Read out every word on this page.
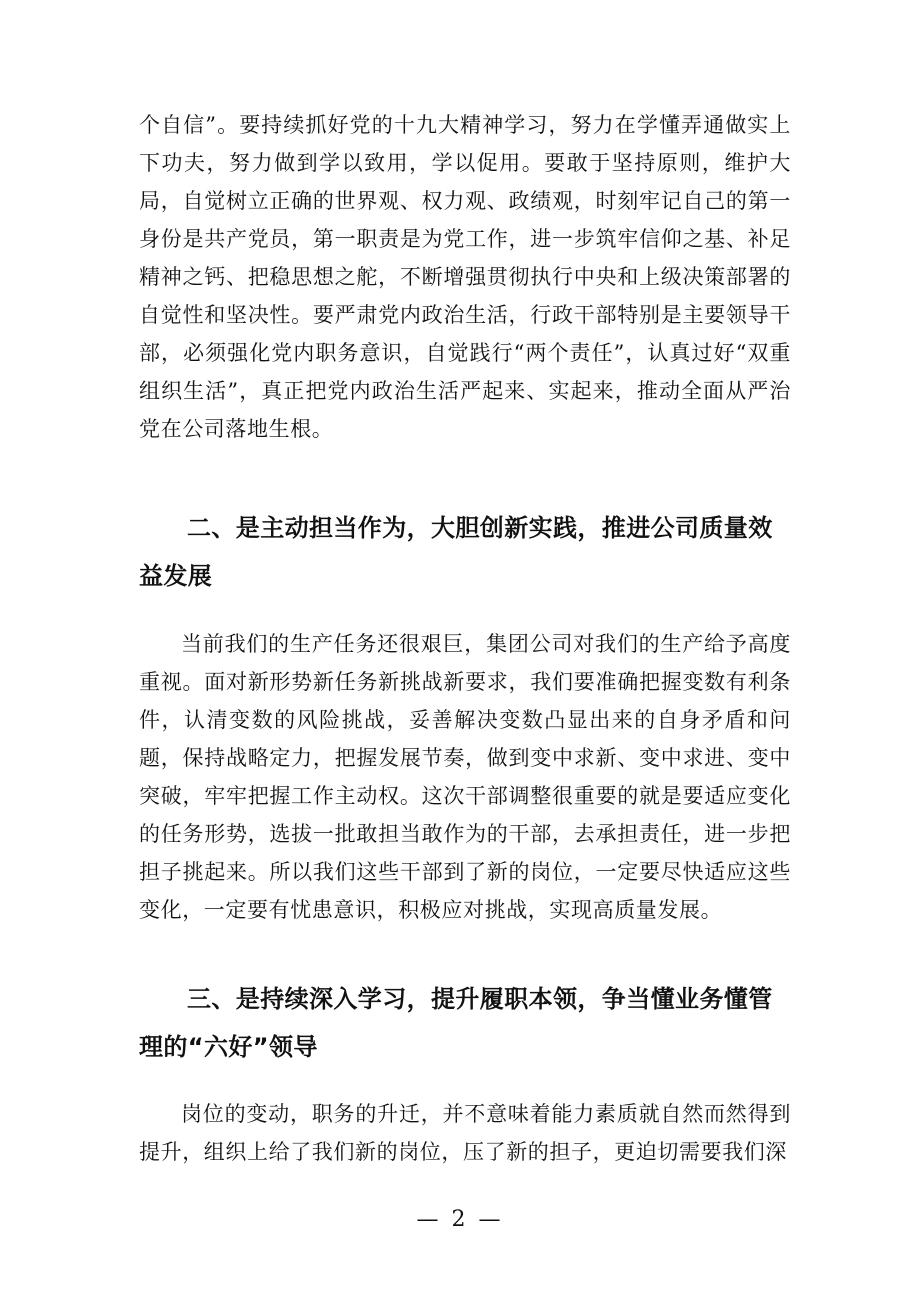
个自信”。要持续抓好党的十九大精神学习，努力在学懂弄通做实上下功夫，努力做到学以致用，学以促用。要敢于坚持原则，维护大局，自觉树立正确的世界观、权力观、政绩观，时刻牢记自己的第一身份是共产党员，第一职责是为党工作，进一步筑牢信仰之基、补足精神之钙、把稳思想之舵，不断增强贯彻执行中央和上级决策部署的自觉性和坚决性。要严肃党内政治生活，行政干部特别是主要领导干部，必须强化党内职务意识，自觉践行“两个责任”，认真过好“双重组织生活”，真正把党内政治生活严起来、实起来，推动全面从严治党在公司落地生根。

二、是主动担当作为，大胆创新实践，推进公司质量效益发展

当前我们的生产任务还很艰巨，集团公司对我们的生产给予高度重视。面对新形势新任务新挑战新要求，我们要准确把握变数有利条件，认清变数的风险挑战，妥善解决变数凸显出来的自身矛盾和问题，保持战略定力，把握发展节奏，做到变中求新、变中求进、变中突破，牢牢把握工作主动权。这次干部调整很重要的就是要适应变化的任务形势，选拔一批敢担当敢作为的干部，去承担责任，进一步把担子挑起来。所以我们这些干部到了新的岗位，一定要尽快适应这些变化，一定要有忧患意识，积极应对挑战，实现高质量发展。

三、是持续深入学习，提升履职本领，争当懂业务懂管理的“六好”领导

岗位的变动，职务的升迁，并不意味着能力素质就自然而然得到提升，组织上给了我们新的岗位，压了新的担子，更迫切需要我们深

— 2 —
